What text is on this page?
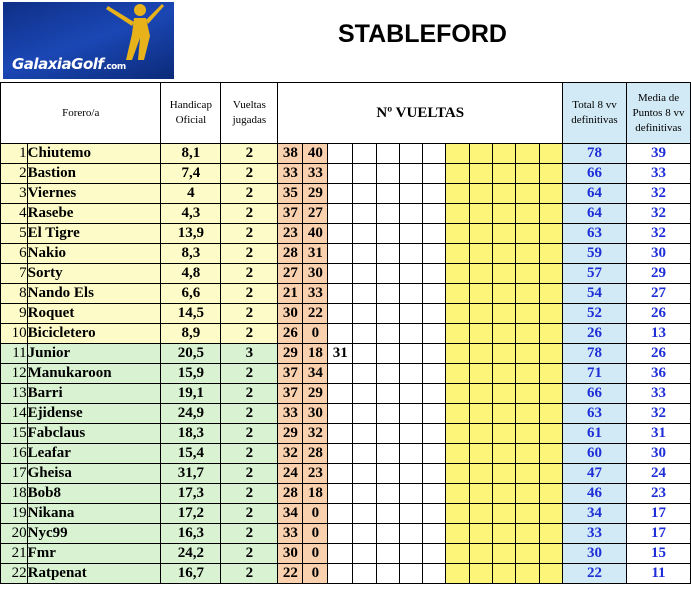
GalaxiaGolf.com
STABLEFORD
Forero/a		Handicap Oficial	Vueltas jugadas	Nº VUELTAS												Total 8 vv definitivas	Media de Puntos 8 vv definitivas
1	Chiutemo	8,1	2	38	40											78	39
2	Bastion	7,4	2	33	33											66	33
3	Viernes	4	2	35	29											64	32
4	Rasebe	4,3	2	37	27											64	32
5	El Tigre	13,9	2	23	40											63	32
6	Nakio	8,3	2	28	31											59	30
7	Sorty	4,8	2	27	30											57	29
8	Nando Els	6,6	2	21	33											54	27
9	Roquet	14,5	2	30	22											52	26
10	Bicicletero	8,9	2	26	0											26	13
11	Junior	20,5	3	29	18	31										78	26
12	Manukaroon	15,9	2	37	34											71	36
13	Barri	19,1	2	37	29											66	33
14	Ejidense	24,9	2	33	30											63	32
15	Fabclaus	18,3	2	29	32											61	31
16	Leafar	15,4	2	32	28											60	30
17	Gheisa	31,7	2	24	23											47	24
18	Bob8	17,3	2	28	18											46	23
19	Nikana	17,2	2	34	0											34	17
20	Nyc99	16,3	2	33	0											33	17
21	Fmr	24,2	2	30	0											30	15
22	Ratpenat	16,7	2	22	0											22	11
